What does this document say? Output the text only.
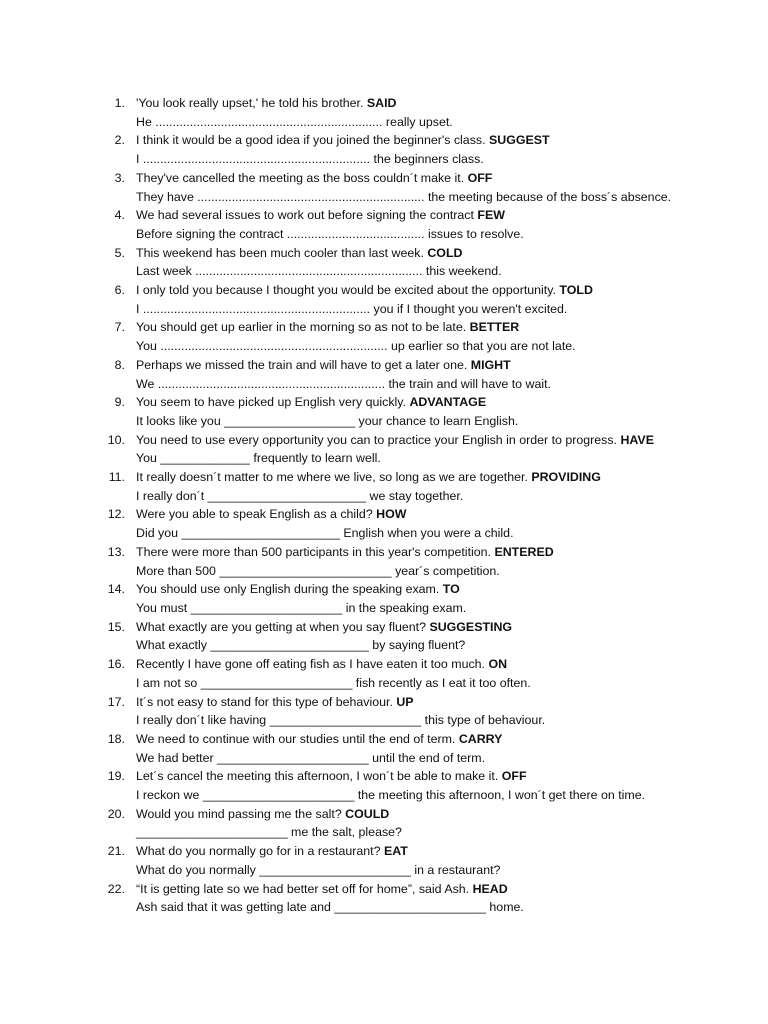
1. 'You look really upset,' he told his brother. SAID
He .................................................................. really upset.
2. I think it would be a good idea if you joined the beginner's class. SUGGEST
I .................................................................. the beginners class.
3. They've cancelled the meeting as the boss couldn´t make it. OFF
They have .................................................................. the meeting because of the boss´s absence.
4. We had several issues to work out before signing the contract FEW
Before signing the contract ........................................ issues to resolve.
5. This weekend has been much cooler than last week. COLD
Last week .................................................................. this weekend.
6. I only told you because I thought you would be excited about the opportunity. TOLD
I .................................................................. you if I thought you weren't excited.
7. You should get up earlier in the morning so as not to be late. BETTER
You .................................................................. up earlier so that you are not late.
8. Perhaps we missed the train and will have to get a later one. MIGHT
We .................................................................. the train and will have to wait.
9. You seem to have picked up English very quickly. ADVANTAGE
It looks like you ___________________ your chance to learn English.
10. You need to use every opportunity you can to practice your English in order to progress. HAVE
You _____________ frequently to learn well.
11. It really doesn´t matter to me where we live, so long as we are together. PROVIDING
I really don´t _______________________ we stay together.
12. Were you able to speak English as a child? HOW
Did you _______________________ English when you were a child.
13. There were more than 500 participants in this year's competition. ENTERED
More than 500 _________________________ year´s competition.
14. You should use only English during the speaking exam. TO
You must ______________________ in the speaking exam.
15. What exactly are you getting at when you say fluent? SUGGESTING
What exactly _______________________ by saying fluent?
16. Recently I have gone off eating fish as I have eaten it too much. ON
I am not so ______________________ fish recently as I eat it too often.
17. It´s not easy to stand for this type of behaviour. UP
I really don´t like having ______________________ this type of behaviour.
18. We need to continue with our studies until the end of term. CARRY
We had better ______________________ until the end of term.
19. Let´s cancel the meeting this afternoon, I won´t be able to make it. OFF
I reckon we ______________________ the meeting this afternoon, I won´t get there on time.
20. Would you mind passing me the salt? COULD
______________________ me the salt, please?
21. What do you normally go for in a restaurant? EAT
What do you normally ______________________ in a restaurant?
22. “It is getting late so we had better set off for home”, said Ash. HEAD
Ash said that it was getting late and ______________________ home.
